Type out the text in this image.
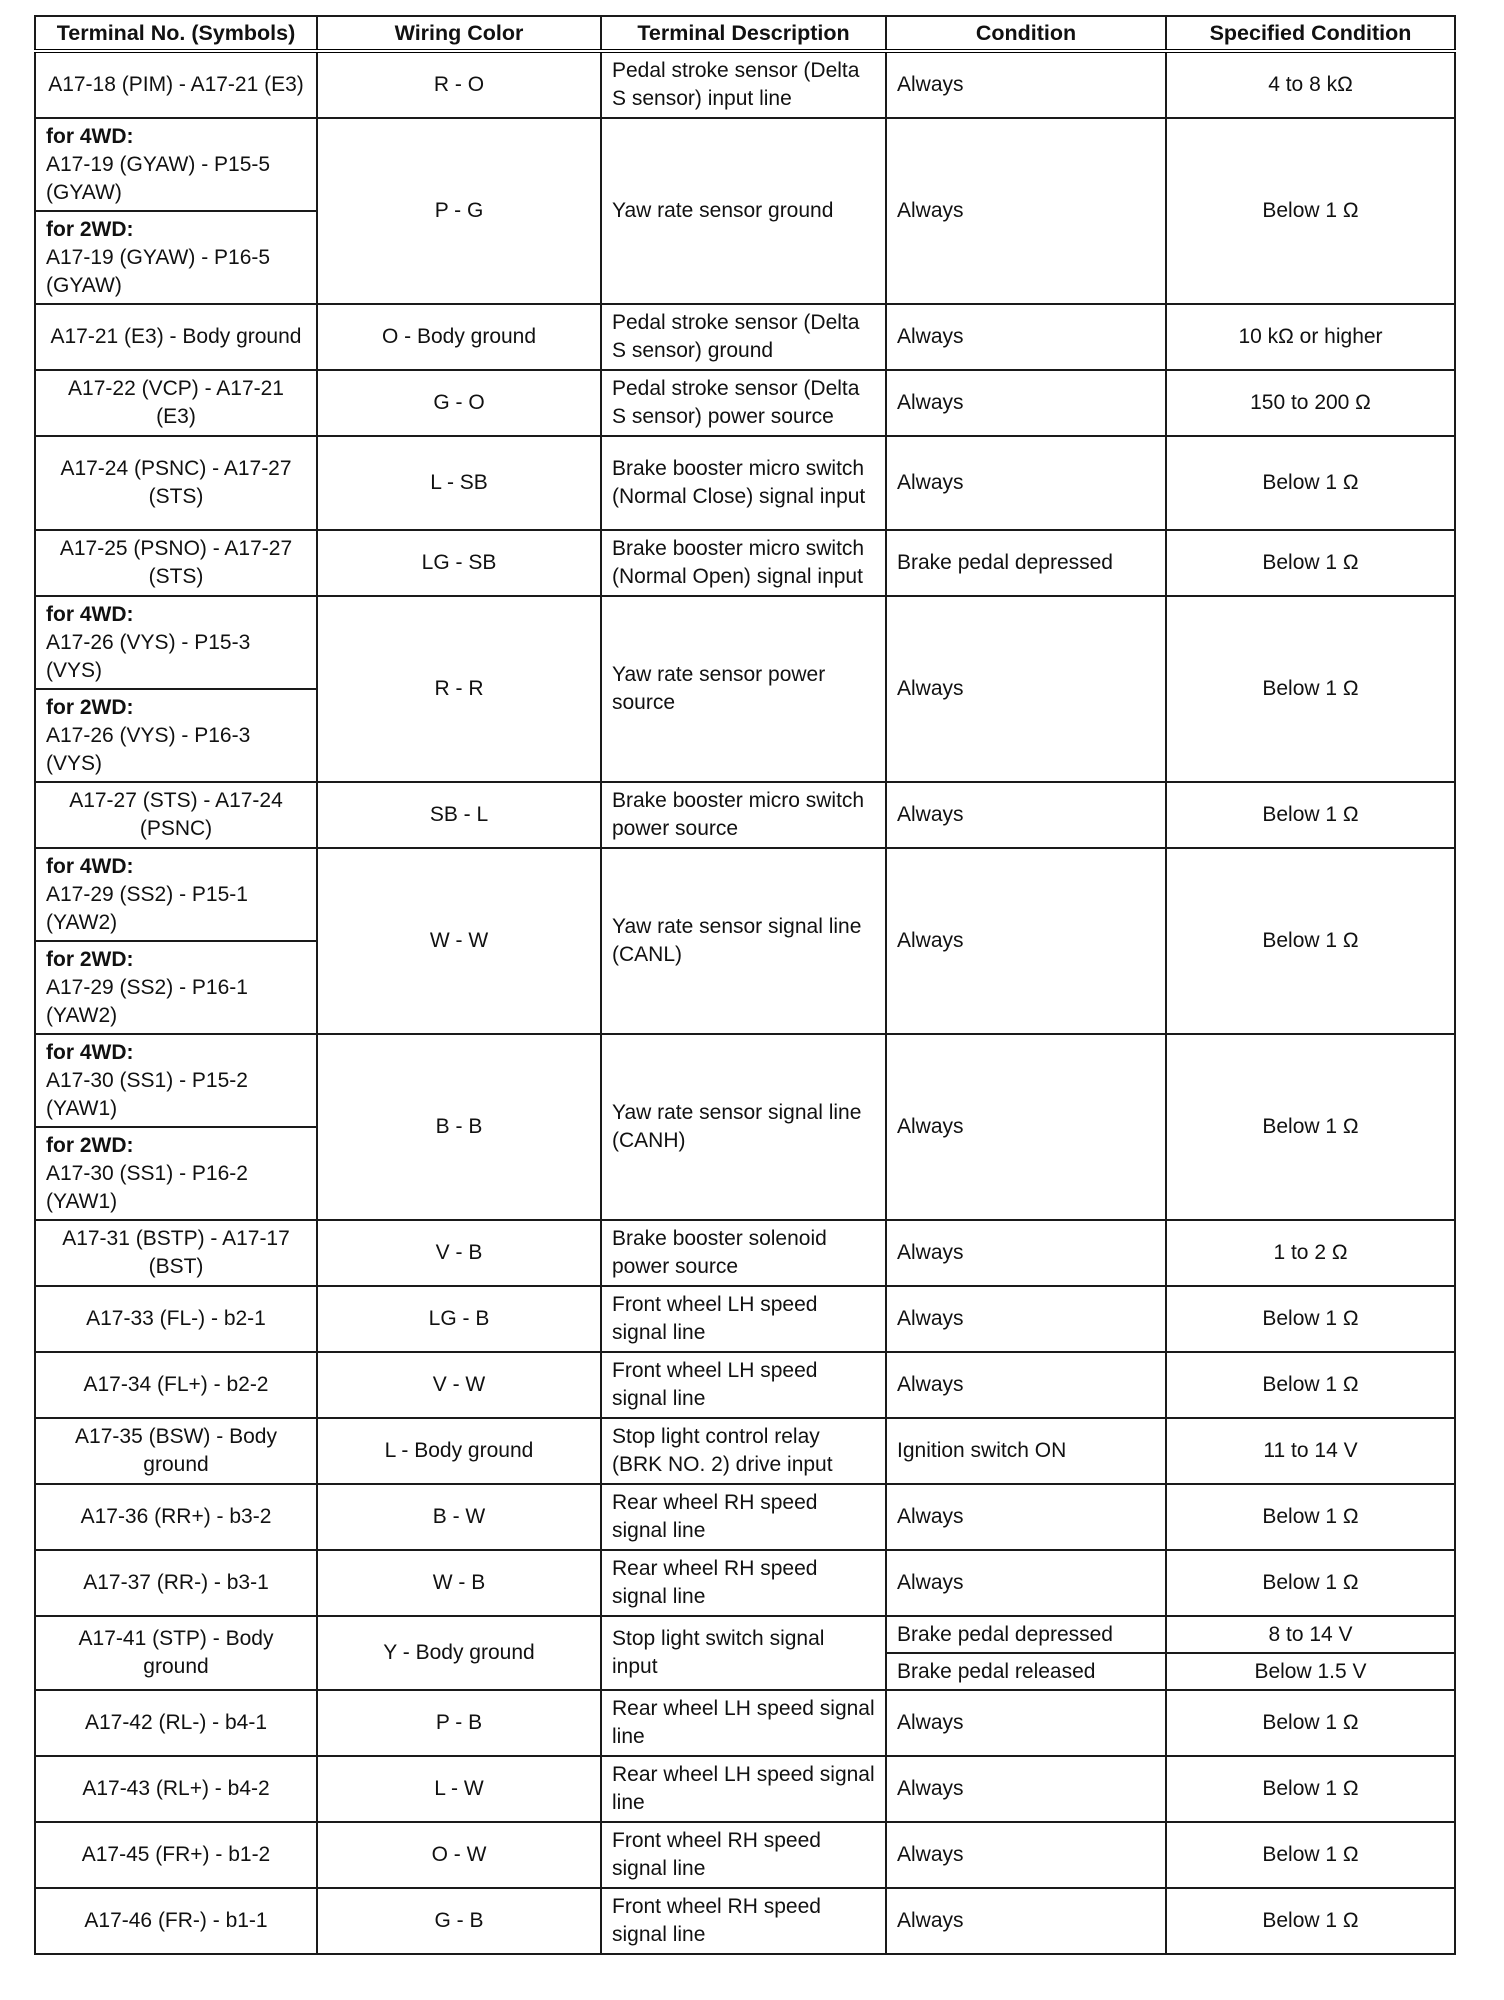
Terminal No. (Symbols)	Wiring Color	Terminal Description	Condition	Specified Condition
A17-18 (PIM) - A17-21 (E3)	R - O	Pedal stroke sensor (Delta S sensor) input line	Always	4 to 8 kΩ

for 4WD:
A17-19 (GYAW) - P15-5 (GYAW)	P - G	Yaw rate sensor ground	Always	Below 1 Ω

for 2WD:
A17-19 (GYAW) - P16-5 (GYAW)				

A17-21 (E3) - Body ground	O - Body ground	Pedal stroke sensor (Delta S sensor) ground	Always	10 kΩ or higher
A17-22 (VCP) - A17-21 (E3)	G - O	Pedal stroke sensor (Delta S sensor) power source	Always	150 to 200 Ω
A17-24 (PSNC) - A17-27 (STS)	L - SB	Brake booster micro switch (Normal Close) signal input	Always	Below 1 Ω
A17-25 (PSNO) - A17-27 (STS)	LG - SB	Brake booster micro switch (Normal Open) signal input	Brake pedal depressed	Below 1 Ω

for 4WD:
A17-26 (VYS) - P15-3 (VYS)	R - R	Yaw rate sensor power source	Always	Below 1 Ω

for 2WD:
A17-26 (VYS) - P16-3 (VYS)				

A17-27 (STS) - A17-24 (PSNC)	SB - L	Brake booster micro switch power source	Always	Below 1 Ω

for 4WD:
A17-29 (SS2) - P15-1 (YAW2)	W - W	Yaw rate sensor signal line (CANL)	Always	Below 1 Ω

for 2WD:
A17-29 (SS2) - P16-1 (YAW2)				

for 4WD:
A17-30 (SS1) - P15-2 (YAW1)	B - B	Yaw rate sensor signal line (CANH)	Always	Below 1 Ω

for 2WD:
A17-30 (SS1) - P16-2 (YAW1)				

A17-31 (BSTP) - A17-17 (BST)	V - B	Brake booster solenoid power source	Always	1 to 2 Ω
A17-33 (FL-) - b2-1	LG - B	Front wheel LH speed signal line	Always	Below 1 Ω
A17-34 (FL+) - b2-2	V - W	Front wheel LH speed signal line	Always	Below 1 Ω
A17-35 (BSW) - Body ground	L - Body ground	Stop light control relay (BRK NO. 2) drive input	Ignition switch ON	11 to 14 V
A17-36 (RR+) - b3-2	B - W	Rear wheel RH speed signal line	Always	Below 1 Ω
A17-37 (RR-) - b3-1	W - B	Rear wheel RH speed signal line	Always	Below 1 Ω
A17-41 (STP) - Body ground	Y - Body ground	Stop light switch signal input	Brake pedal depressed	8 to 14 V
			Brake pedal released	Below 1.5 V
A17-42 (RL-) - b4-1	P - B	Rear wheel LH speed signal line	Always	Below 1 Ω
A17-43 (RL+) - b4-2	L - W	Rear wheel LH speed signal line	Always	Below 1 Ω
A17-45 (FR+) - b1-2	O - W	Front wheel RH speed signal line	Always	Below 1 Ω
A17-46 (FR-) - b1-1	G - B	Front wheel RH speed signal line	Always	Below 1 Ω
